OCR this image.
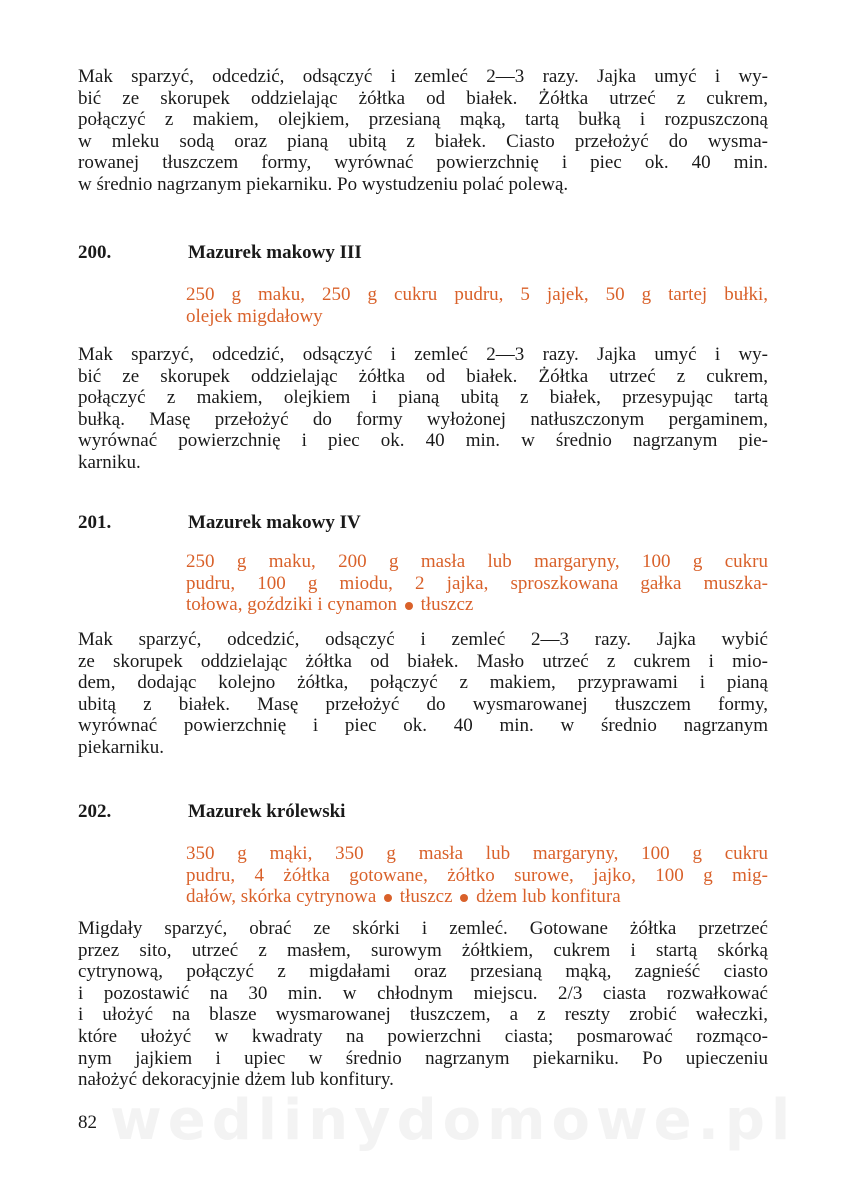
Mak sparzyć, odcedzić, odsączyć i zemleć 2—3 razy. Jajka umyć i wy-
bić ze skorupek oddzielając żółtka od białek. Żółtka utrzeć z cukrem,
połączyć z makiem, olejkiem, przesianą mąką, tartą bułką i rozpuszczoną
w mleku sodą oraz pianą ubitą z białek. Ciasto przełożyć do wysma-
rowanej tłuszczem formy, wyrównać powierzchnię i piec ok. 40 min.
w średnio nagrzanym piekarniku. Po wystudzeniu polać polewą.
200.	Mazurek makowy III
250 g maku, 250 g cukru pudru, 5 jajek, 50 g tartej bułki,
olejek migdałowy
Mak sparzyć, odcedzić, odsączyć i zemleć 2—3 razy. Jajka umyć i wy-
bić ze skorupek oddzielając żółtka od białek. Żółtka utrzeć z cukrem,
połączyć z makiem, olejkiem i pianą ubitą z białek, przesypując tartą
bułką. Masę przełożyć do formy wyłożonej natłuszczonym pergaminem,
wyrównać powierzchnię i piec ok. 40 min. w średnio nagrzanym pie-
karniku.
201.	Mazurek makowy IV
250 g maku, 200 g masła lub margaryny, 100 g cukru
pudru, 100 g miodu, 2 jajka, sproszkowana gałka muszka-
tołowa, goździki i cynamon tłuszcz
Mak sparzyć, odcedzić, odsączyć i zemleć 2—3 razy. Jajka wybić
ze skorupek oddzielając żółtka od białek. Masło utrzeć z cukrem i mio-
dem, dodając kolejno żółtka, połączyć z makiem, przyprawami i pianą
ubitą z białek. Masę przełożyć do wysmarowanej tłuszczem formy,
wyrównać powierzchnię i piec ok. 40 min. w średnio nagrzanym
piekarniku.
202.	Mazurek królewski
350 g mąki, 350 g masła lub margaryny, 100 g cukru
pudru, 4 żółtka gotowane, żółtko surowe, jajko, 100 g mig-
dałów, skórka cytrynowa tłuszcz dżem lub konfitura
Migdały sparzyć, obrać ze skórki i zemleć. Gotowane żółtka przetrzeć
przez sito, utrzeć z masłem, surowym żółtkiem, cukrem i startą skórką
cytrynową, połączyć z migdałami oraz przesianą mąką, zagnieść ciasto
i pozostawić na 30 min. w chłodnym miejscu. 2/3 ciasta rozwałkować
i ułożyć na blasze wysmarowanej tłuszczem, a z reszty zrobić wałeczki,
które ułożyć w kwadraty na powierzchni ciasta; posmarować rozmąco-
nym jajkiem i upiec w średnio nagrzanym piekarniku. Po upieczeniu
nałożyć dekoracyjnie dżem lub konfitury.
wedlinydomowe.pl
82
